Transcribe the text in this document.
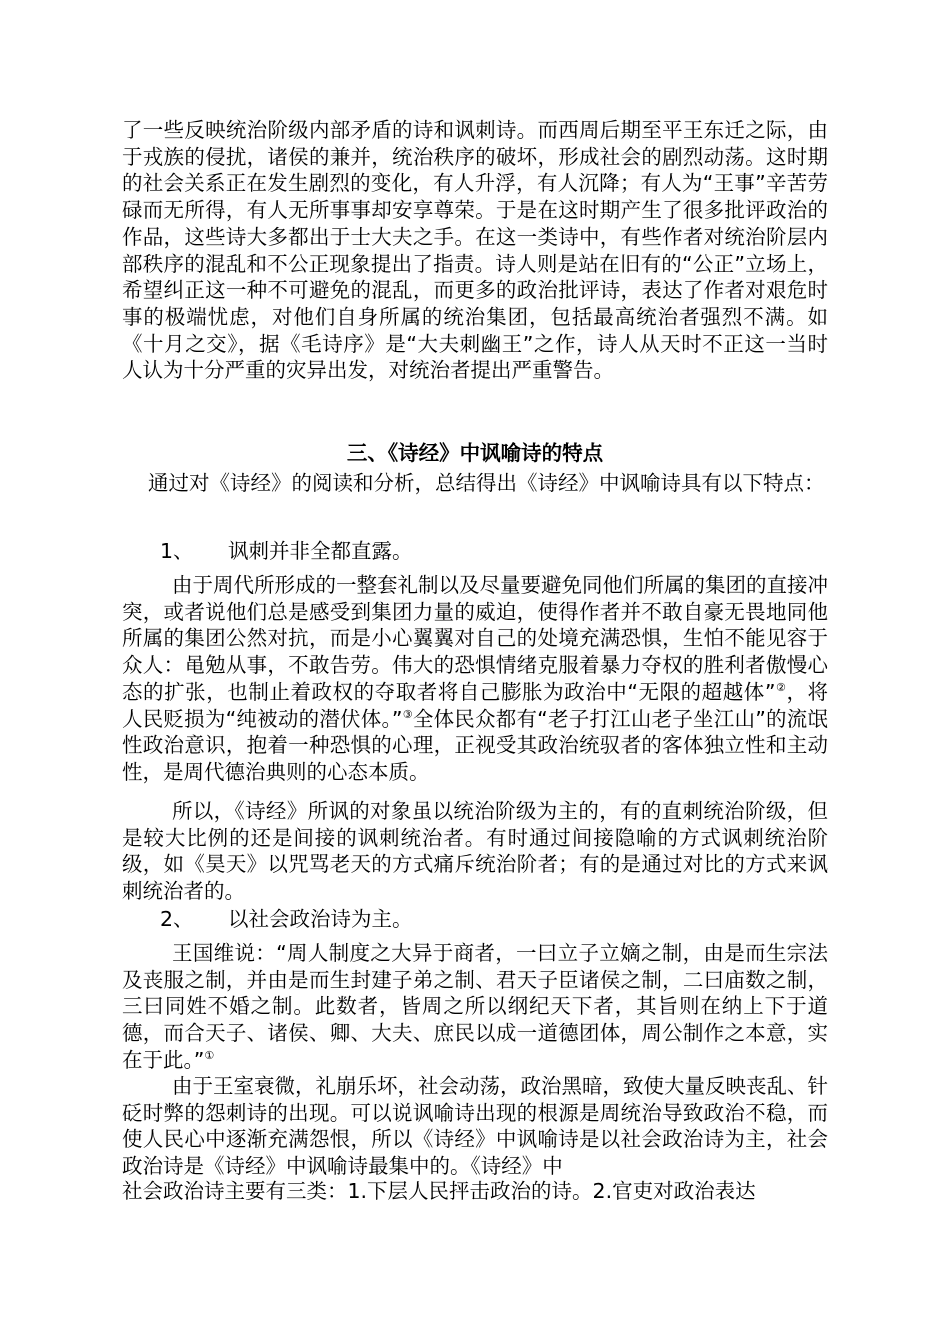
了一些反映统治阶级内部矛盾的诗和讽刺诗。而西周后期至平王东迁之际，由于戎族的侵扰，诸侯的兼并，统治秩序的破坏，形成社会的剧烈动荡。这时期的社会关系正在发生剧烈的变化，有人升浮，有人沉降；有人为“王事”辛苦劳碌而无所得，有人无所事事却安享尊荣。于是在这时期产生了很多批评政治的作品，这些诗大多都出于士大夫之手。在这一类诗中，有些作者对统治阶层内部秩序的混乱和不公正现象提出了指责。诗人则是站在旧有的“公正”立场上，希望纠正这一种不可避免的混乱，而更多的政治批评诗，表达了作者对艰危时事的极端忧虑，对他们自身所属的统治集团，包括最高统治者强烈不满。如《十月之交》，据《毛诗序》是“大夫刺幽王”之作，诗人从天时不正这一当时人认为十分严重的灾异出发，对统治者提出严重警告。

三、《诗经》中讽喻诗的特点

通过对《诗经》的阅读和分析，总结得出《诗经》中讽喻诗具有以下特点：

1、 讽刺并非全都直露。

由于周代所形成的一整套礼制以及尽量要避免同他们所属的集团的直接冲突，或者说他们总是感受到集团力量的威迫，使得作者并不敢自豪无畏地同他所属的集团公然对抗，而是小心翼翼对自己的处境充满恐惧，生怕不能见容于众人：黾勉从事，不敢告劳。伟大的恐惧情绪克服着暴力夺权的胜利者傲慢心态的扩张，也制止着政权的夺取者将自己膨胀为政治中“无限的超越体”②，将人民贬损为“纯被动的潜伏体。”③全体民众都有“老子打江山老子坐江山”的流氓性政治意识，抱着一种恐惧的心理，正视受其政治统驭者的客体独立性和主动性，是周代德治典则的心态本质。

所以，《诗经》所讽的对象虽以统治阶级为主的，有的直刺统治阶级，但是较大比例的还是间接的讽刺统治者。有时通过间接隐喻的方式讽刺统治阶级，如《昊天》以咒骂老天的方式痛斥统治阶者；有的是通过对比的方式来讽刺统治者的。

2、 以社会政治诗为主。

王国维说：“周人制度之大异于商者，一曰立子立嫡之制，由是而生宗法及丧服之制，并由是而生封建子弟之制、君天子臣诸侯之制，二曰庙数之制，三曰同姓不婚之制。此数者，皆周之所以纲纪天下者，其旨则在纳上下于道德，而合天子、诸侯、卿、大夫、庶民以成一道德团体，周公制作之本意，实在于此。”①

由于王室衰微，礼崩乐坏，社会动荡，政治黑暗，致使大量反映丧乱、针砭时弊的怨刺诗的出现。可以说讽喻诗出现的根源是周统治导致政治不稳，而使人民心中逐渐充满怨恨，所以《诗经》中讽喻诗是以社会政治诗为主，社会政治诗是《诗经》中讽喻诗最集中的。《诗经》中

社会政治诗主要有三类：1.下层人民抨击政治的诗。2.官吏对政治表达
